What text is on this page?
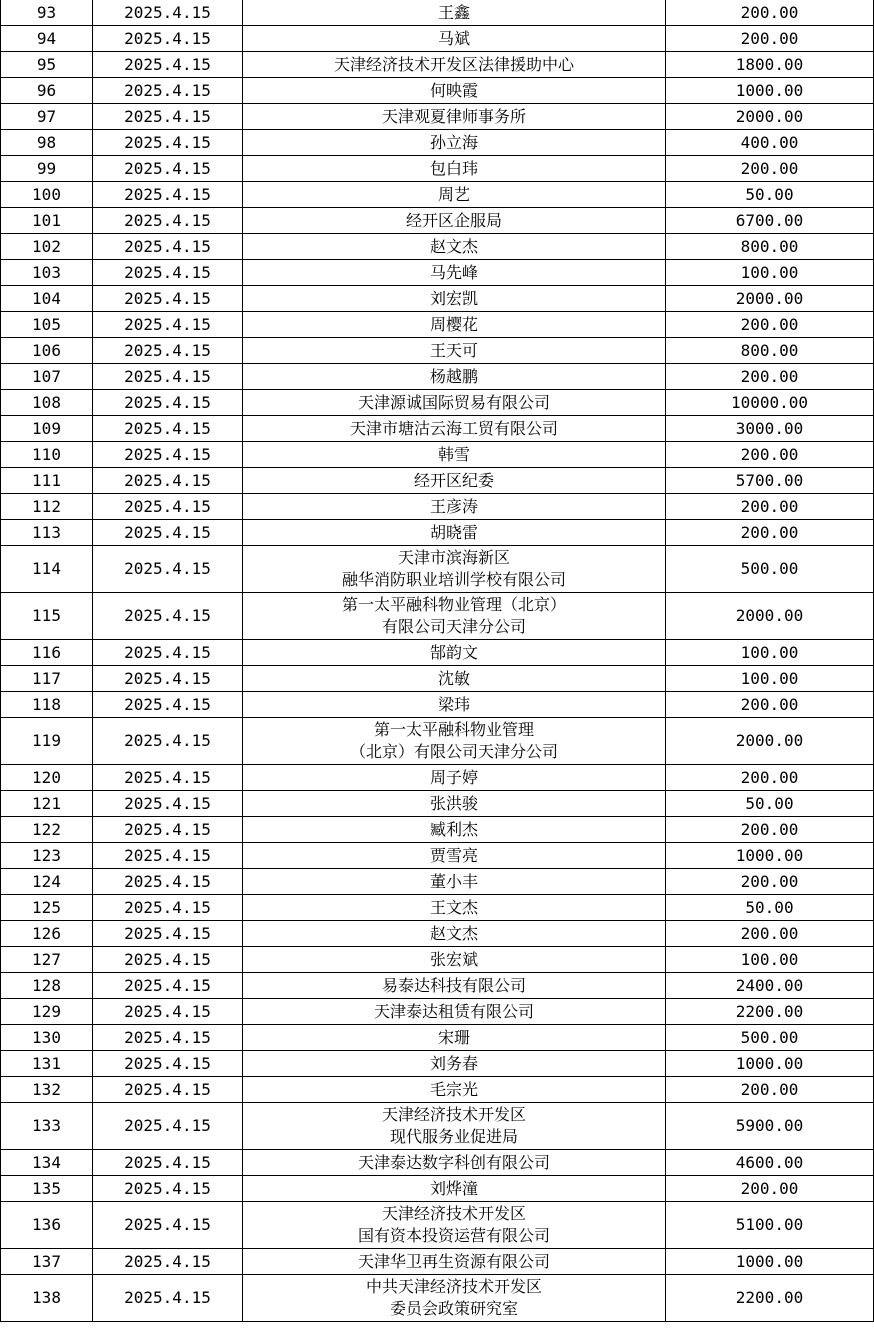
93	2025.4.15	王鑫	200.00
94	2025.4.15	马斌	200.00
95	2025.4.15	天津经济技术开发区法律援助中心	1800.00
96	2025.4.15	何映霞	1000.00
97	2025.4.15	天津观夏律师事务所	2000.00
98	2025.4.15	孙立海	400.00
99	2025.4.15	包白玮	200.00
100	2025.4.15	周艺	50.00
101	2025.4.15	经开区企服局	6700.00
102	2025.4.15	赵文杰	800.00
103	2025.4.15	马先峰	100.00
104	2025.4.15	刘宏凯	2000.00
105	2025.4.15	周樱花	200.00
106	2025.4.15	王天可	800.00
107	2025.4.15	杨越鹏	200.00
108	2025.4.15	天津源诚国际贸易有限公司	10000.00
109	2025.4.15	天津市塘沽云海工贸有限公司	3000.00
110	2025.4.15	韩雪	200.00
111	2025.4.15	经开区纪委	5700.00
112	2025.4.15	王彦涛	200.00
113	2025.4.15	胡晓雷	200.00
114	2025.4.15	天津市滨海新区
融华消防职业培训学校有限公司	500.00
115	2025.4.15	第一太平融科物业管理（北京）
有限公司天津分公司	2000.00
116	2025.4.15	郜韵文	100.00
117	2025.4.15	沈敏	100.00
118	2025.4.15	梁玮	200.00
119	2025.4.15	第一太平融科物业管理
（北京）有限公司天津分公司	2000.00
120	2025.4.15	周子婷	200.00
121	2025.4.15	张洪骏	50.00
122	2025.4.15	臧利杰	200.00
123	2025.4.15	贾雪亮	1000.00
124	2025.4.15	董小丰	200.00
125	2025.4.15	王文杰	50.00
126	2025.4.15	赵文杰	200.00
127	2025.4.15	张宏斌	100.00
128	2025.4.15	易泰达科技有限公司	2400.00
129	2025.4.15	天津泰达租赁有限公司	2200.00
130	2025.4.15	宋珊	500.00
131	2025.4.15	刘务春	1000.00
132	2025.4.15	毛宗光	200.00
133	2025.4.15	天津经济技术开发区
现代服务业促进局	5900.00
134	2025.4.15	天津泰达数字科创有限公司	4600.00
135	2025.4.15	刘烨潼	200.00
136	2025.4.15	天津经济技术开发区
国有资本投资运营有限公司	5100.00
137	2025.4.15	天津华卫再生资源有限公司	1000.00
138	2025.4.15	中共天津经济技术开发区
委员会政策研究室	2200.00
